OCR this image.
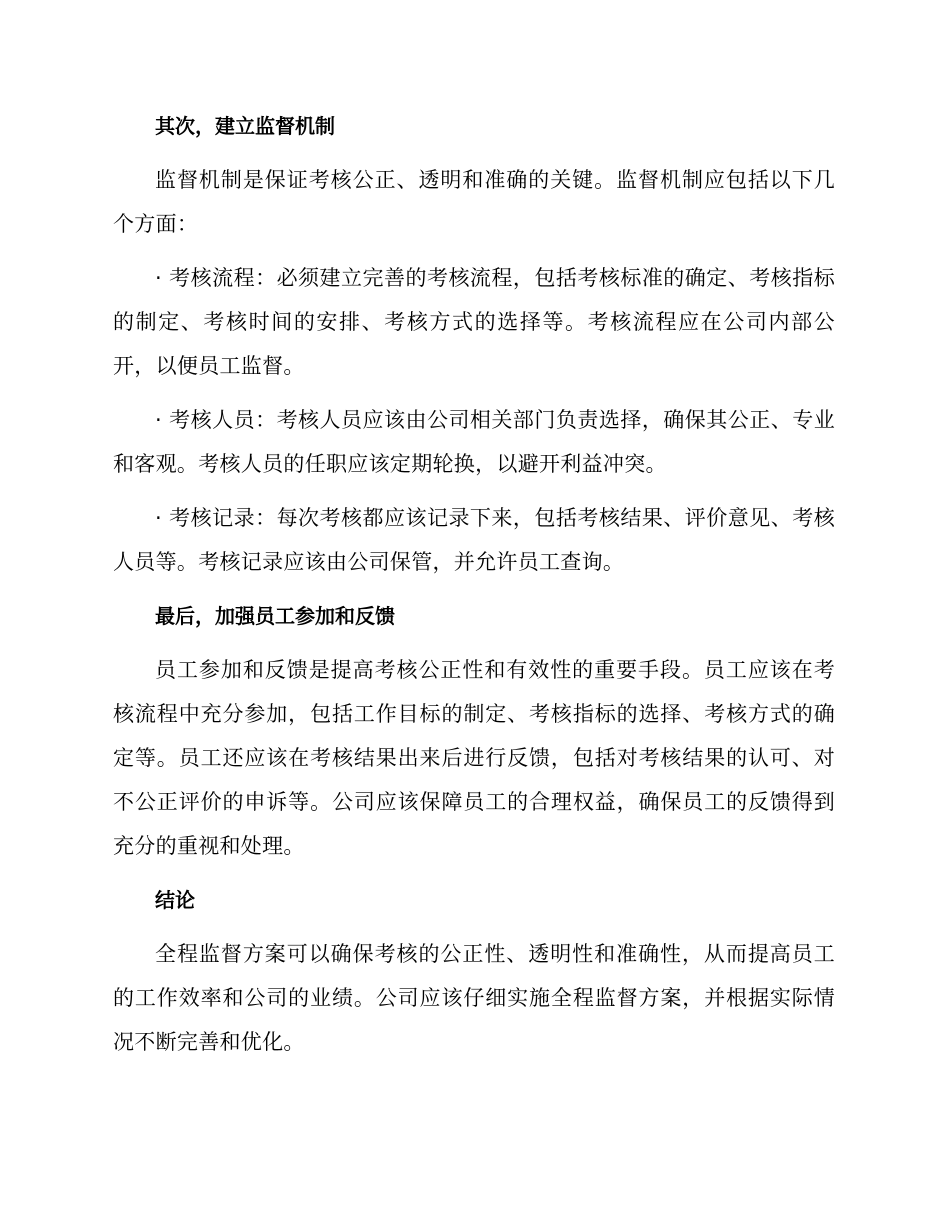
其次，建立监督机制
监督机制是保证考核公正、透明和准确的关键。监督机制应包括以下几个方面：
· 考核流程：必须建立完善的考核流程，包括考核标准的确定、考核指标的制定、考核时间的安排、考核方式的选择等。考核流程应在公司内部公开，以便员工监督。
· 考核人员：考核人员应该由公司相关部门负责选择，确保其公正、专业和客观。考核人员的任职应该定期轮换，以避开利益冲突。
· 考核记录：每次考核都应该记录下来，包括考核结果、评价意见、考核人员等。考核记录应该由公司保管，并允许员工查询。
最后，加强员工参加和反馈
员工参加和反馈是提高考核公正性和有效性的重要手段。员工应该在考核流程中充分参加，包括工作目标的制定、考核指标的选择、考核方式的确定等。员工还应该在考核结果出来后进行反馈，包括对考核结果的认可、对不公正评价的申诉等。公司应该保障员工的合理权益，确保员工的反馈得到充分的重视和处理。
结论
全程监督方案可以确保考核的公正性、透明性和准确性，从而提高员工的工作效率和公司的业绩。公司应该仔细实施全程监督方案，并根据实际情况不断完善和优化。
